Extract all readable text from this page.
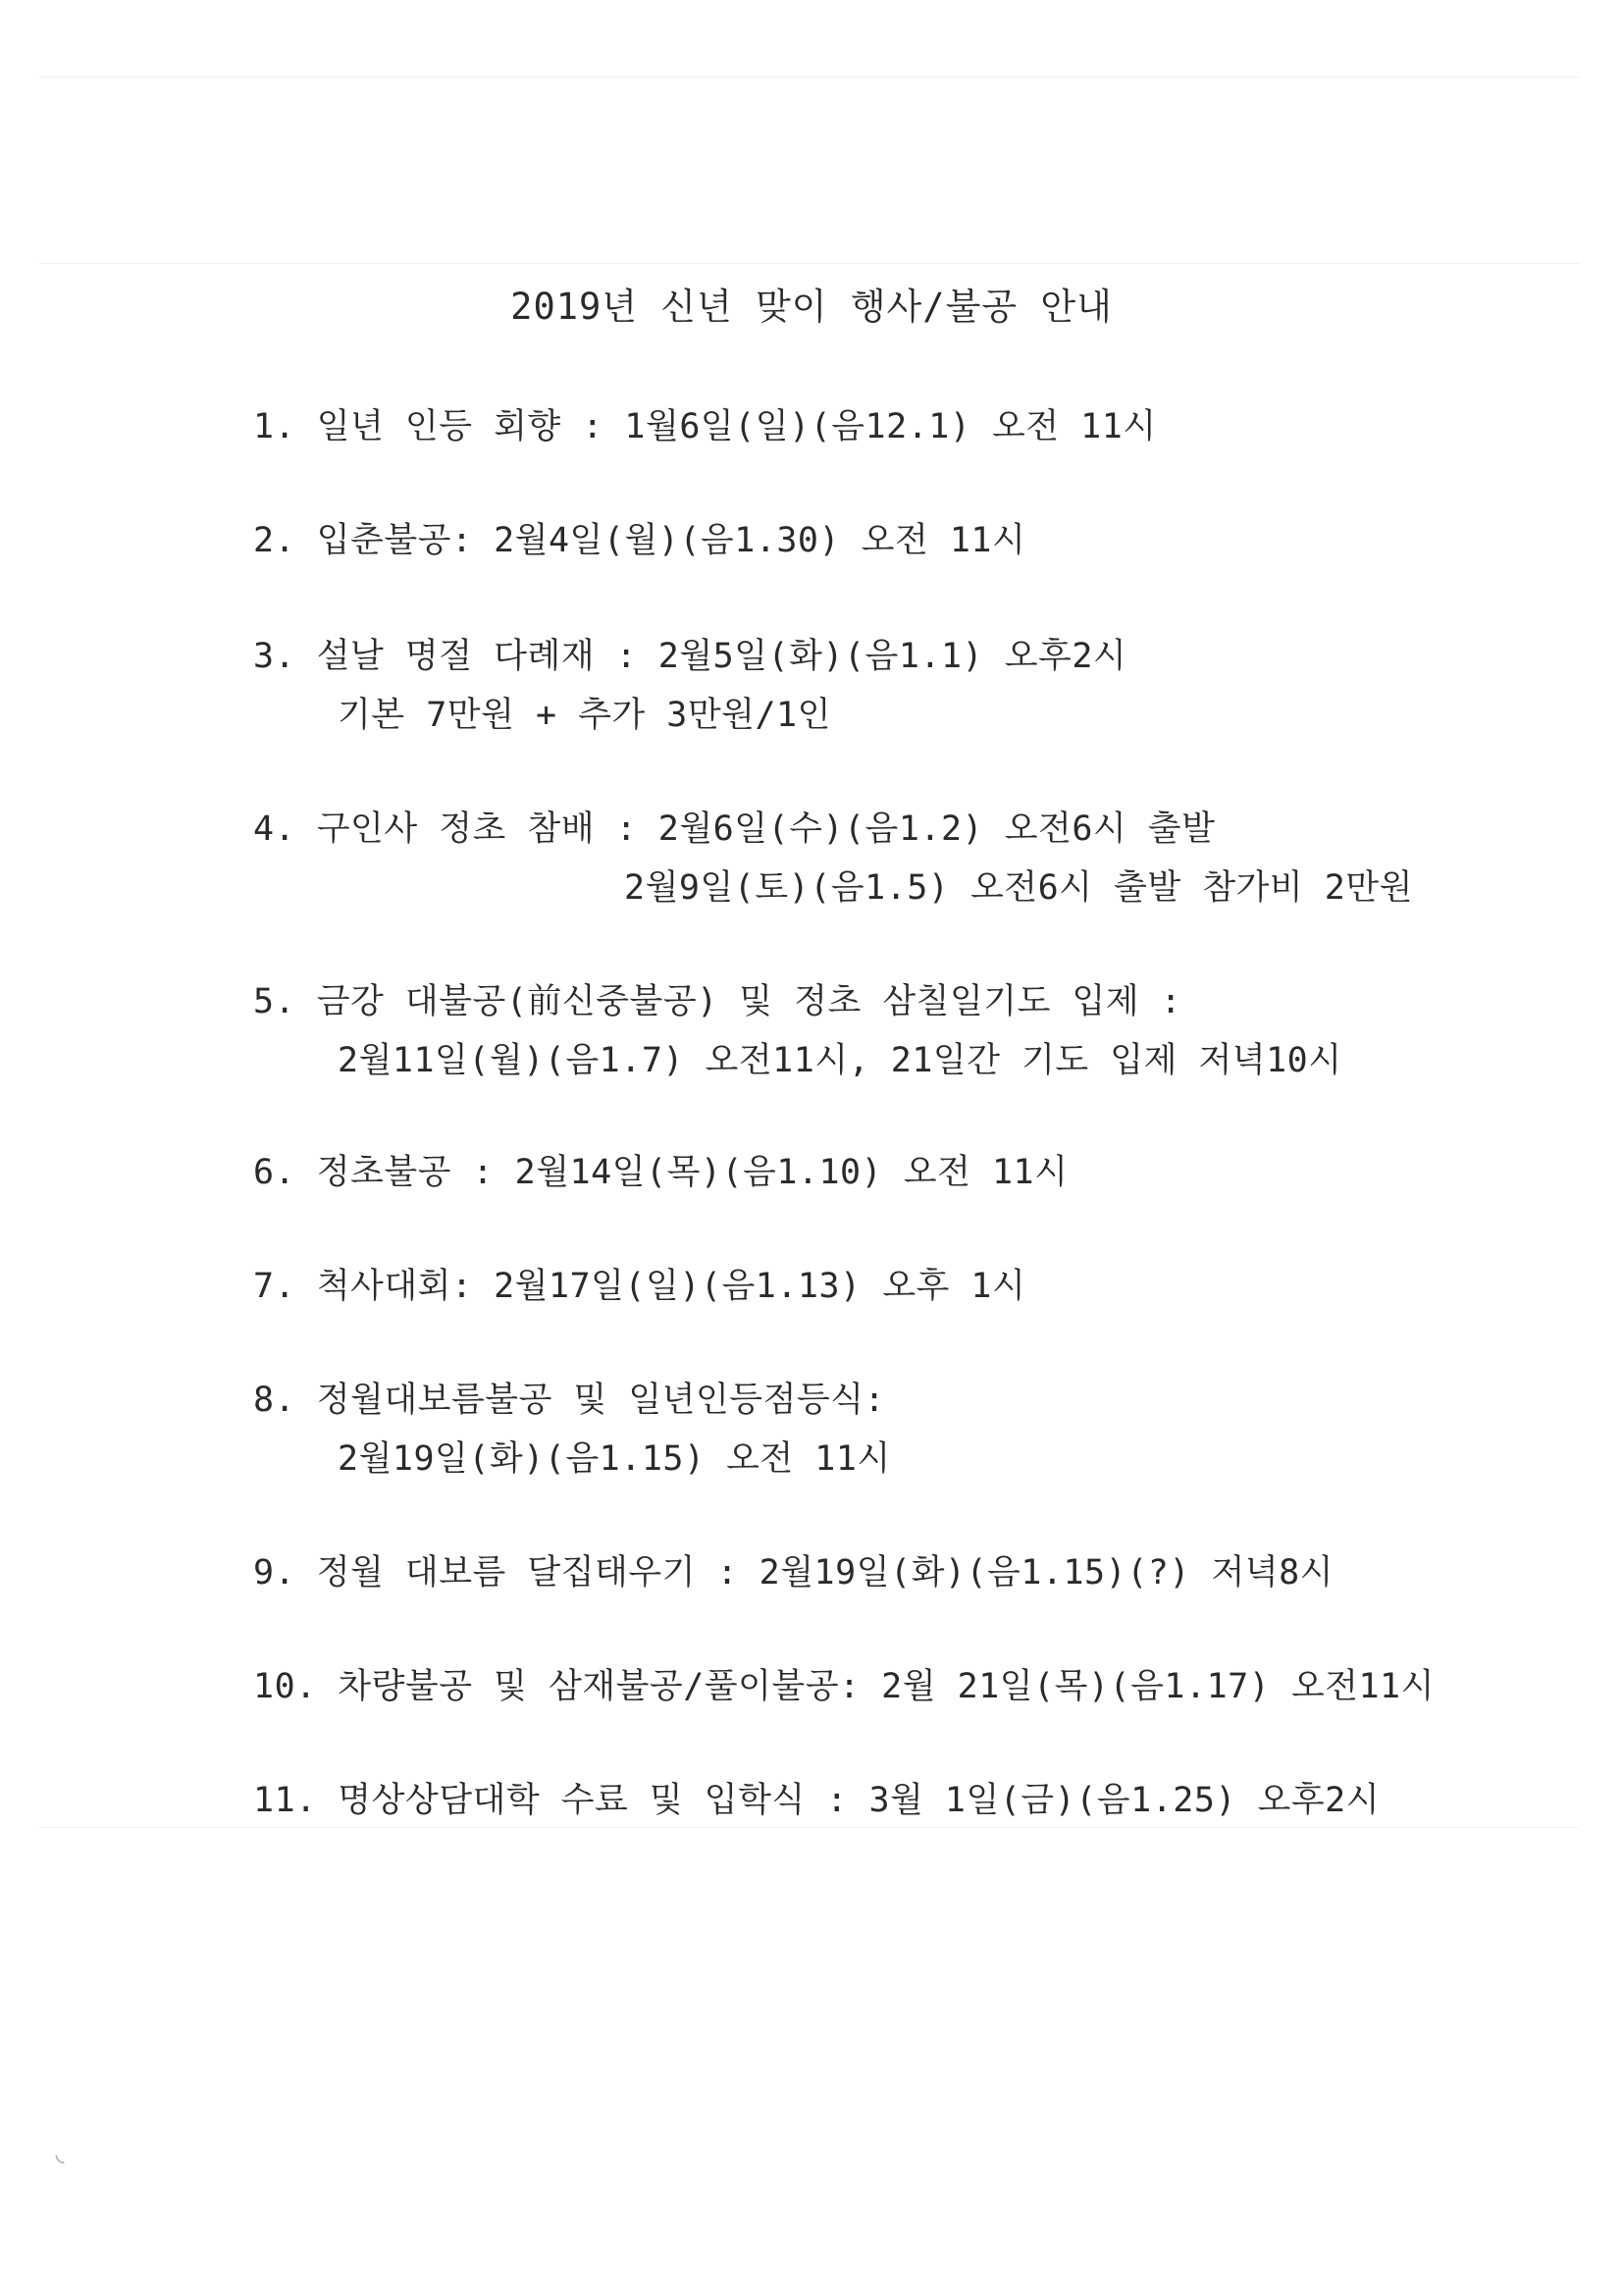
◟
2019년 신년 맞이 행사/불공 안내
1. 일년 인등 회향 : 1월6일(일)(음12.1) 오전 11시
2. 입춘불공: 2월4일(월)(음1.30) 오전 11시
3. 설날 명절 다례재 : 2월5일(화)(음1.1) 오후2시
기본 7만원 + 추가 3만원/1인
4. 구인사 정초 참배 : 2월6일(수)(음1.2) 오전6시 출발
2월9일(토)(음1.5) 오전6시 출발 참가비 2만원
5. 금강 대불공(前신중불공) 및 정초 삼칠일기도 입제 :
2월11일(월)(음1.7) 오전11시, 21일간 기도 입제 저녁10시
6. 정초불공 : 2월14일(목)(음1.10) 오전 11시
7. 척사대회: 2월17일(일)(음1.13) 오후 1시
8. 정월대보름불공 및 일년인등점등식:
2월19일(화)(음1.15) 오전 11시
9. 정월 대보름 달집태우기 : 2월19일(화)(음1.15)(?) 저녁8시
10. 차량불공 및 삼재불공/풀이불공: 2월 21일(목)(음1.17) 오전11시
11. 명상상담대학 수료 및 입학식 : 3월 1일(금)(음1.25) 오후2시
